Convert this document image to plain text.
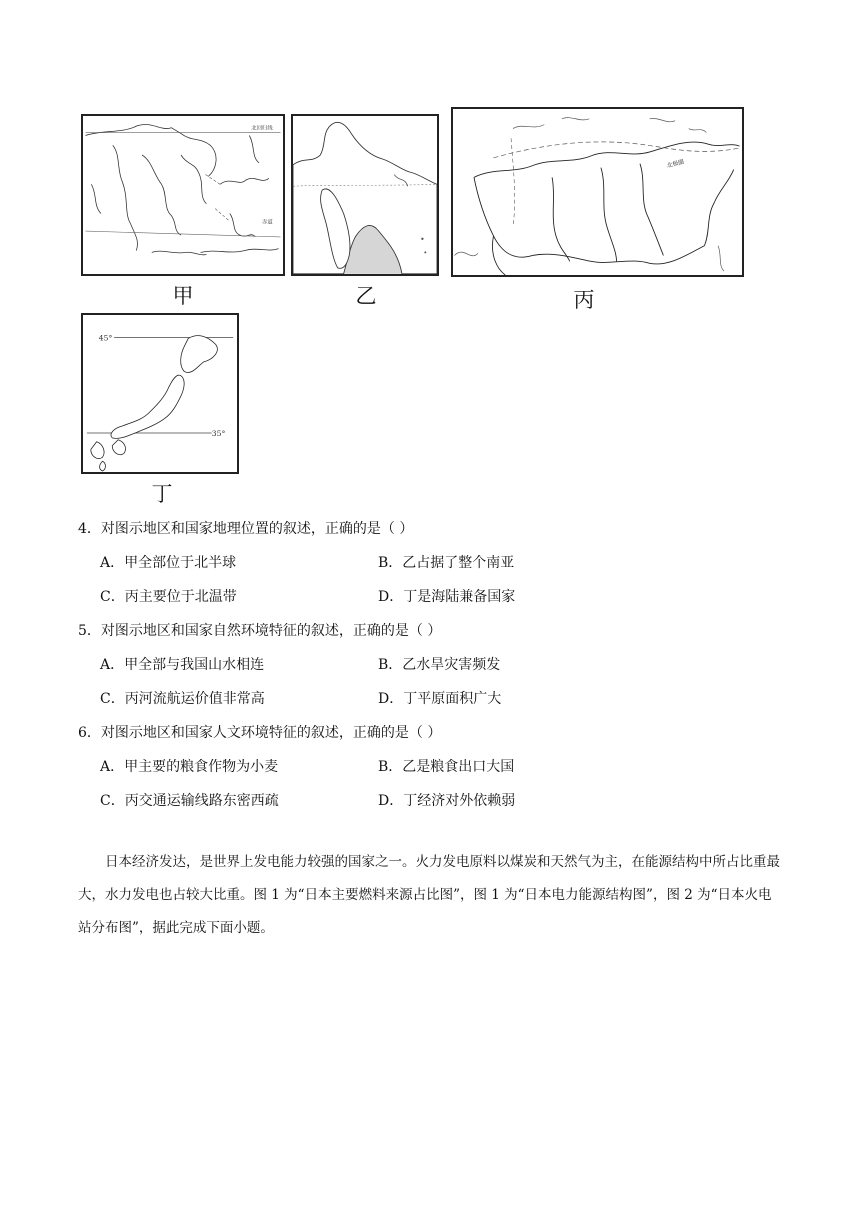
北回归线
赤道
甲	乙
北极圈
丙
45°
35°
丁
4．对图示地区和国家地理位置的叙述，正确的是（ ）
A．甲全部位于北半球	B．乙占据了整个南亚
C．丙主要位于北温带	D．丁是海陆兼备国家
5．对图示地区和国家自然环境特征的叙述，正确的是（ ）
A．甲全部与我国山水相连	B．乙水旱灾害频发
C．丙河流航运价值非常高	D．丁平原面积广大
6．对图示地区和国家人文环境特征的叙述，正确的是（ ）
A．甲主要的粮食作物为小麦	B．乙是粮食出口大国
C．丙交通运输线路东密西疏	D．丁经济对外依赖弱
日本经济发达，是世界上发电能力较强的国家之一。火力发电原料以煤炭和天然气为主，在能源结构中所占比重最大，水力发电也占较大比重。图 1 为“日本主要燃料来源占比图”，图 1 为“日本电力能源结构图”，图 2 为“日本火电站分布图”，据此完成下面小题。
